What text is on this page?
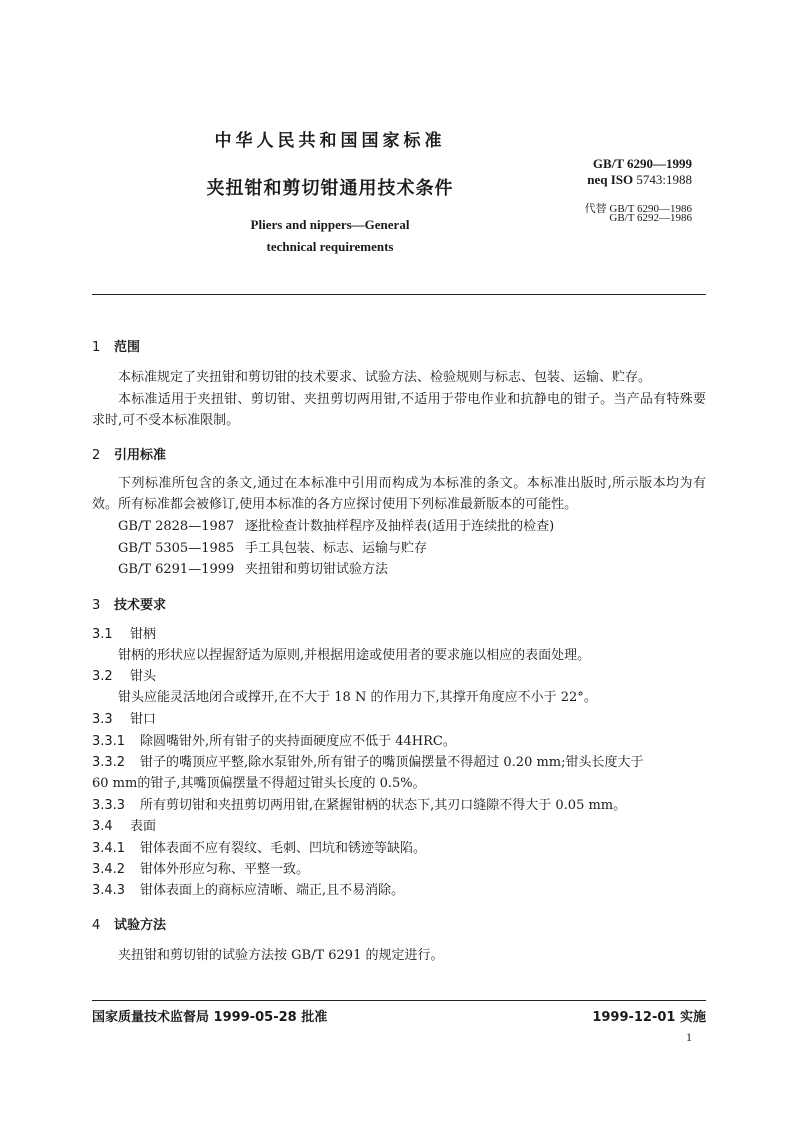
中华人民共和国国家标准
夹扭钳和剪切钳通用技术条件
Pliers and nippers—General
technical requirements
GB/T 6290—1999
neq ISO 5743:1988
代替 GB/T 6290—1986
GB/T 6292—1986
1 范围
本标准规定了夹扭钳和剪切钳的技术要求、试验方法、检验规则与标志、包装、运输、贮存。
本标准适用于夹扭钳、剪切钳、夹扭剪切两用钳,不适用于带电作业和抗静电的钳子。当产品有特殊要求时,可不受本标准限制。
2 引用标准
下列标准所包含的条文,通过在本标准中引用而构成为本标准的条文。本标准出版时,所示版本均为有效。所有标准都会被修订,使用本标准的各方应探讨使用下列标准最新版本的可能性。
GB/T 2828—1987 逐批检查计数抽样程序及抽样表(适用于连续批的检查)
GB/T 5305—1985 手工具包装、标志、运输与贮存
GB/T 6291—1999 夹扭钳和剪切钳试验方法
3 技术要求
3.1 钳柄
钳柄的形状应以捏握舒适为原则,并根据用途或使用者的要求施以相应的表面处理。
3.2 钳头
钳头应能灵活地闭合或撑开,在不大于 18 N 的作用力下,其撑开角度应不小于 22°。
3.3 钳口
3.3.1 除圆嘴钳外,所有钳子的夹持面硬度应不低于 44HRC。
3.3.2 钳子的嘴顶应平整,除水泵钳外,所有钳子的嘴顶偏摆量不得超过 0.20 mm;钳头长度大于
60 mm的钳子,其嘴顶偏摆量不得超过钳头长度的 0.5%。
3.3.3 所有剪切钳和夹扭剪切两用钳,在紧握钳柄的状态下,其刃口缝隙不得大于 0.05 mm。
3.4 表面
3.4.1 钳体表面不应有裂纹、毛刺、凹坑和锈迹等缺陷。
3.4.2 钳体外形应匀称、平整一致。
3.4.3 钳体表面上的商标应清晰、端正,且不易消除。
4 试验方法
夹扭钳和剪切钳的试验方法按 GB/T 6291 的规定进行。
国家质量技术监督局 1999-05-28 批准	1999-12-01 实施
1
